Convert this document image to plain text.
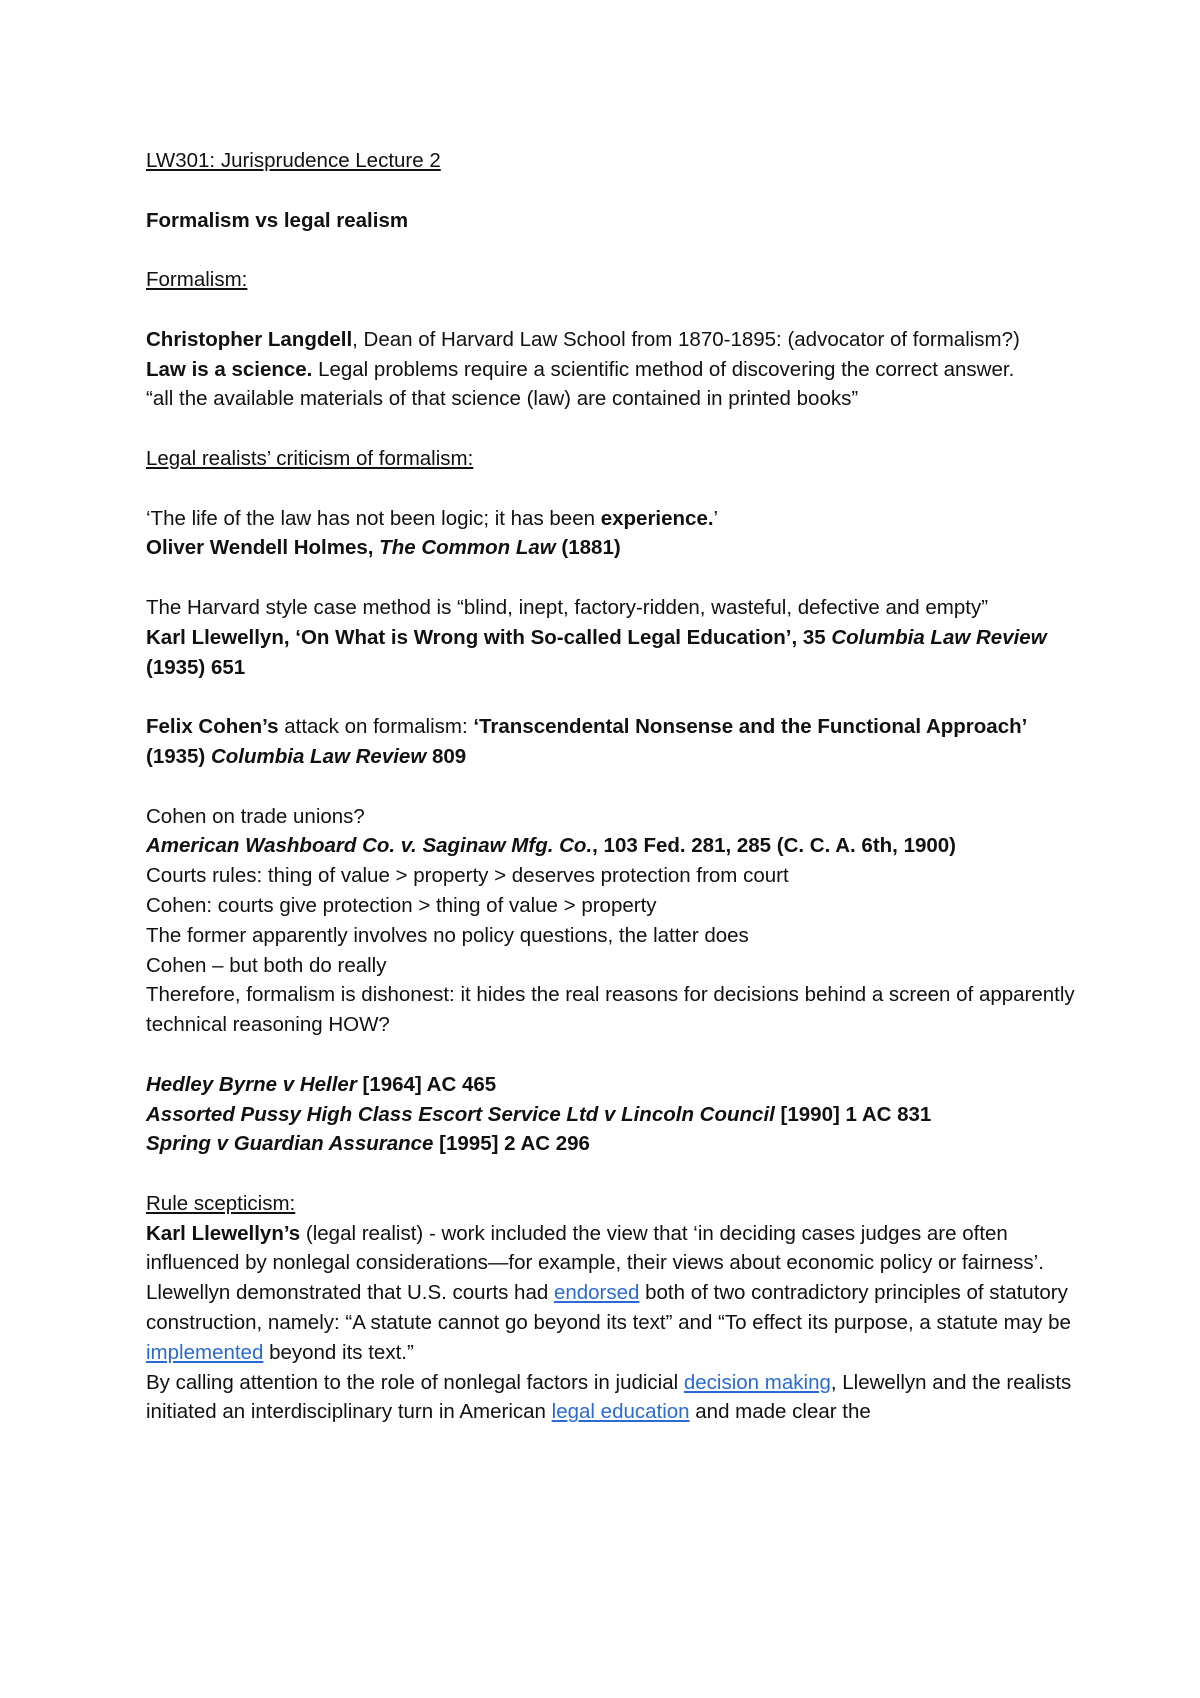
LW301: Jurisprudence Lecture 2

Formalism vs legal realism

Formalism:

Christopher Langdell, Dean of Harvard Law School from 1870-1895: (advocator of formalism?)

Law is a science. Legal problems require a scientific method of discovering the correct answer.

“all the available materials of that science (law) are contained in printed books”

Legal realists’ criticism of formalism:

‘The life of the law has not been logic; it has been experience.’

Oliver Wendell Holmes, The Common Law (1881)

The Harvard style case method is “blind, inept, factory-ridden, wasteful, defective and empty”

Karl Llewellyn, ‘On What is Wrong with So-called Legal Education’, 35 Columbia Law Review (1935) 651

Felix Cohen’s attack on formalism: ‘Transcendental Nonsense and the Functional Approach’ (1935) Columbia Law Review 809

Cohen on trade unions?

American Washboard Co. v. Saginaw Mfg. Co., 103 Fed. 281, 285 (C. C. A. 6th, 1900)

Courts rules: thing of value > property > deserves protection from court

Cohen: courts give protection > thing of value > property

The former apparently involves no policy questions, the latter does

Cohen – but both do really

Therefore, formalism is dishonest: it hides the real reasons for decisions behind a screen of apparently technical reasoning HOW?

Hedley Byrne v Heller [1964] AC 465

Assorted Pussy High Class Escort Service Ltd v Lincoln Council [1990] 1 AC 831

Spring v Guardian Assurance [1995] 2 AC 296

Rule scepticism:

Karl Llewellyn’s (legal realist) - work included the view that ‘in deciding cases judges are often influenced by nonlegal considerations—for example, their views about economic policy or fairness’.

Llewellyn demonstrated that U.S. courts had endorsed both of two contradictory principles of statutory construction, namely: “A statute cannot go beyond its text” and “To effect its purpose, a statute may be implemented beyond its text.”

By calling attention to the role of nonlegal factors in judicial decision making, Llewellyn and the realists initiated an interdisciplinary turn in American legal education and made clear the
